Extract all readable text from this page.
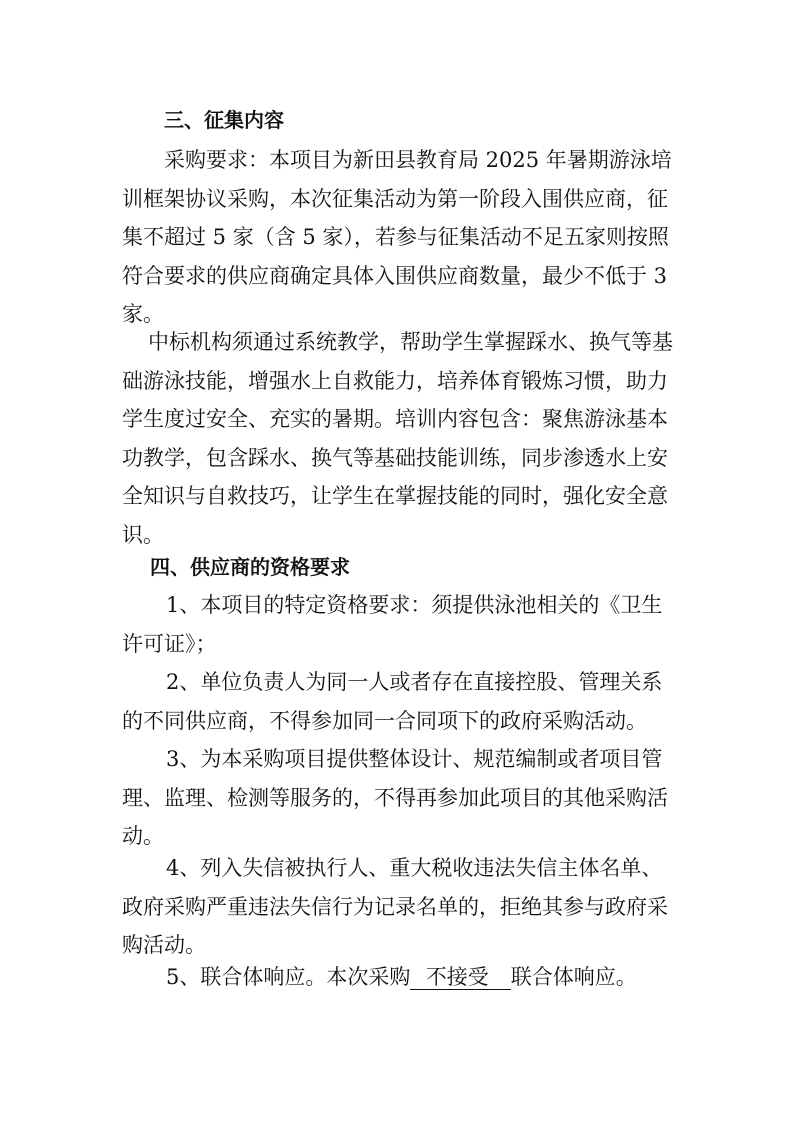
三、征集内容
采购要求：本项目为新田县教育局 2025 年暑期游泳培
训框架协议采购，本次征集活动为第一阶段入围供应商，征
集不超过 5 家（含 5 家），若参与征集活动不足五家则按照
符合要求的供应商确定具体入围供应商数量，最少不低于 3
家。
中标机构须通过系统教学，帮助学生掌握踩水、换气等基
础游泳技能，增强水上自救能力，培养体育锻炼习惯，助力
学生度过安全、充实的暑期。培训内容包含：聚焦游泳基本
功教学，包含踩水、换气等基础技能训练，同步渗透水上安
全知识与自救技巧，让学生在掌握技能的同时，强化安全意
识。
四、供应商的资格要求
1、本项目的特定资格要求：须提供泳池相关的《卫生
许可证》；
2、单位负责人为同一人或者存在直接控股、管理关系
的不同供应商，不得参加同一合同项下的政府采购活动。
3、为本采购项目提供整体设计、规范编制或者项目管
理、监理、检测等服务的，不得再参加此项目的其他采购活
动。
4、列入失信被执行人、重大税收违法失信主体名单、
政府采购严重违法失信行为记录名单的，拒绝其参与政府采
购活动。
5、联合体响应。本次采购 不接受 联合体响应。
